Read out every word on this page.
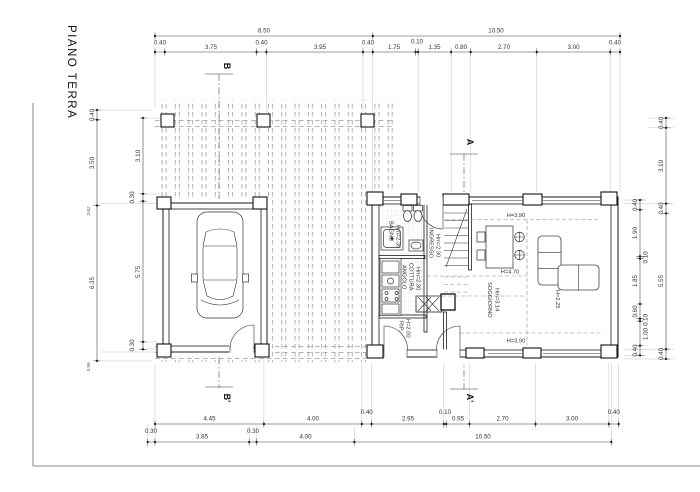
PIANO TERRA	B
B'
A
A'
BAGNO Hm=2.30	INGRESSO Hm=2.30
ANGOLO COTTURA Hm=2.30
RIP. H=2.00
SOGGIORNO Hm=3.14	H=2.25
H=3.90
H=4.70
H=3.90
8.50	10.50
0.40
3.75
0.40
3.95
0.40
1.75
0.10
1.35 0.80	2.70	3.00
0.40
4.45	4.00
0.40
2.95
0.10
0.95	2.70	3.00
0.40
0.30
3.85
0.30
4.00	10.50
0.40
3.50
6.35
3.62
3.99
3.10
0.30
5.75
0.30
0.40
1.90
0.10
1.85
0.60
0.10
1.00
0.40
0.40
3.10
0.40
5.55
0.40
